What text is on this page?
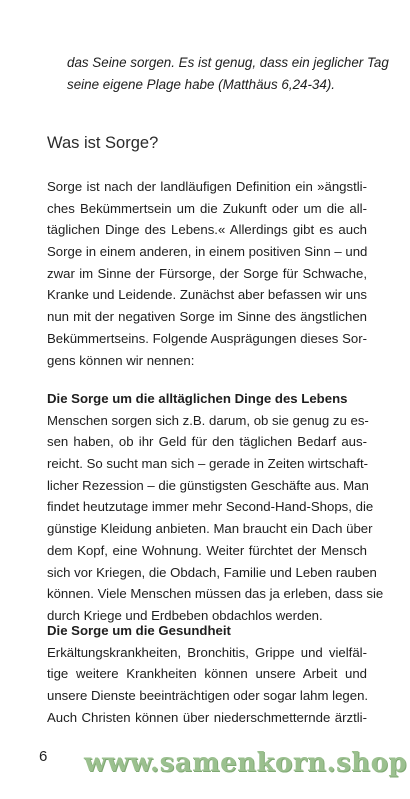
das Seine sorgen. Es ist genug, dass ein jeglicher Tag
seine eigene Plage habe (Matthäus 6,24-34).
Was ist Sorge?
Sorge ist nach der landläufigen Definition ein »ängstli-
ches Bekümmertsein um die Zukunft oder um die all-
täglichen Dinge des Lebens.« Allerdings gibt es auch
Sorge in einem anderen, in einem positiven Sinn – und
zwar im Sinne der Fürsorge, der Sorge für Schwache,
Kranke und Leidende. Zunächst aber befassen wir uns
nun mit der negativen Sorge im Sinne des ängstlichen
Bekümmertseins. Folgende Ausprägungen dieses Sor-
gens können wir nennen:
Die Sorge um die alltäglichen Dinge des Lebens
Menschen sorgen sich z.B. darum, ob sie genug zu es-
sen haben, ob ihr Geld für den täglichen Bedarf aus-
reicht. So sucht man sich – gerade in Zeiten wirtschaft-
licher Rezession – die günstigsten Geschäfte aus. Man
findet heutzutage immer mehr Second-Hand-Shops, die
günstige Kleidung anbieten. Man braucht ein Dach über
dem Kopf, eine Wohnung. Weiter fürchtet der Mensch
sich vor Kriegen, die Obdach, Familie und Leben rauben
können. Viele Menschen müssen das ja erleben, dass sie
durch Kriege und Erdbeben obdachlos werden.
Die Sorge um die Gesundheit
Erkältungskrankheiten, Bronchitis, Grippe und vielfäl-
tige weitere Krankheiten können unsere Arbeit und
unsere Dienste beeinträchtigen oder sogar lahm legen.
Auch Christen können über niederschmetternde ärztli-
6 www.samenkorn.shop
